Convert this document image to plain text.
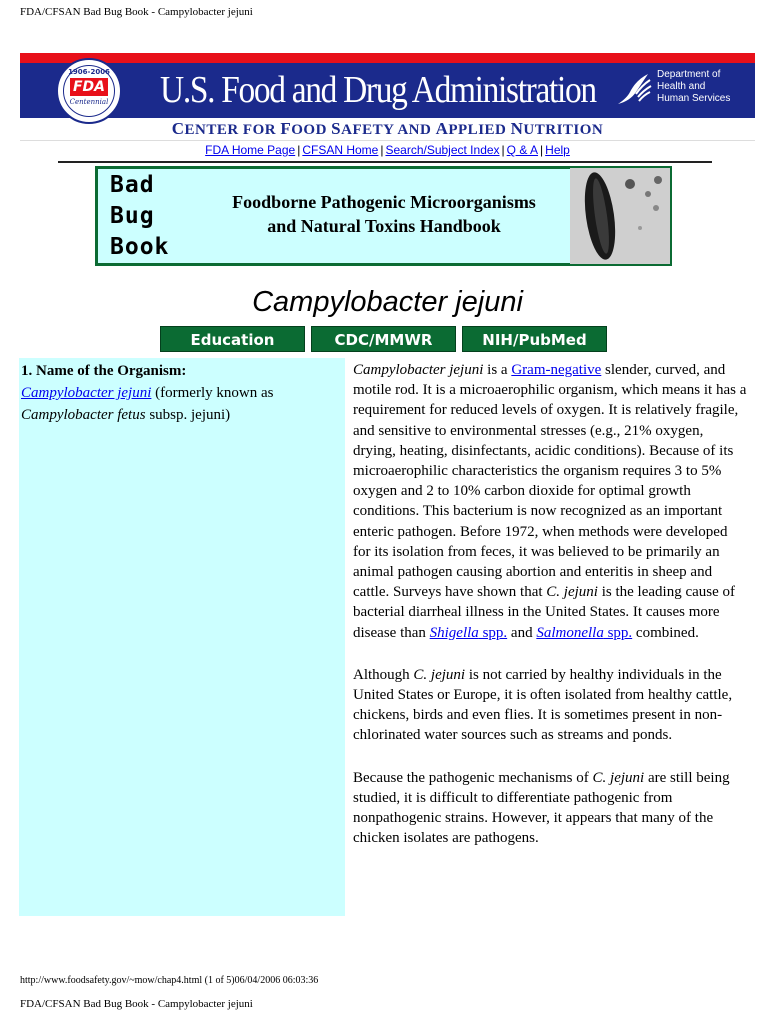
FDA/CFSAN Bad Bug Book - Campylobacter jejuni
1906-2006
FDA
Centennial	U.S. Food and Drug Administration	Department of
Health and
Human Services
CENTER FOR FOOD SAFETY AND APPLIED NUTRITION
FDA Home Page | CFSAN Home | Search/Subject Index | Q & A | Help
Bad
Bug
Book
Foodborne Pathogenic Microorganisms
and Natural Toxins Handbook
Campylobacter jejuni
Education	CDC/MMWR	NIH/PubMed
1. Name of the Organism:
Campylobacter jejuni (formerly known as Campylobacter fetus subsp. jejuni)

Campylobacter jejuni is a Gram-negative slender, curved, and motile rod. It is a microaerophilic organism, which means it has a requirement for reduced levels of oxygen. It is relatively fragile, and sensitive to environmental stresses (e.g., 21% oxygen, drying, heating, disinfectants, acidic conditions). Because of its microaerophilic characteristics the organism requires 3 to 5% oxygen and 2 to 10% carbon dioxide for optimal growth conditions. This bacterium is now recognized as an important enteric pathogen. Before 1972, when methods were developed for its isolation from feces, it was believed to be primarily an animal pathogen causing abortion and enteritis in sheep and cattle. Surveys have shown that C. jejuni is the leading cause of bacterial diarrheal illness in the United States. It causes more disease than Shigella spp. and Salmonella spp. combined.

Although C. jejuni is not carried by healthy individuals in the United States or Europe, it is often isolated from healthy cattle, chickens, birds and even flies. It is sometimes present in non-chlorinated water sources such as streams and ponds.

Because the pathogenic mechanisms of C. jejuni are still being studied, it is difficult to differentiate pathogenic from nonpathogenic strains. However, it appears that many of the chicken isolates are pathogens.

http://www.foodsafety.gov/~mow/chap4.html (1 of 5)06/04/2006 06:03:36
FDA/CFSAN Bad Bug Book - Campylobacter jejuni
